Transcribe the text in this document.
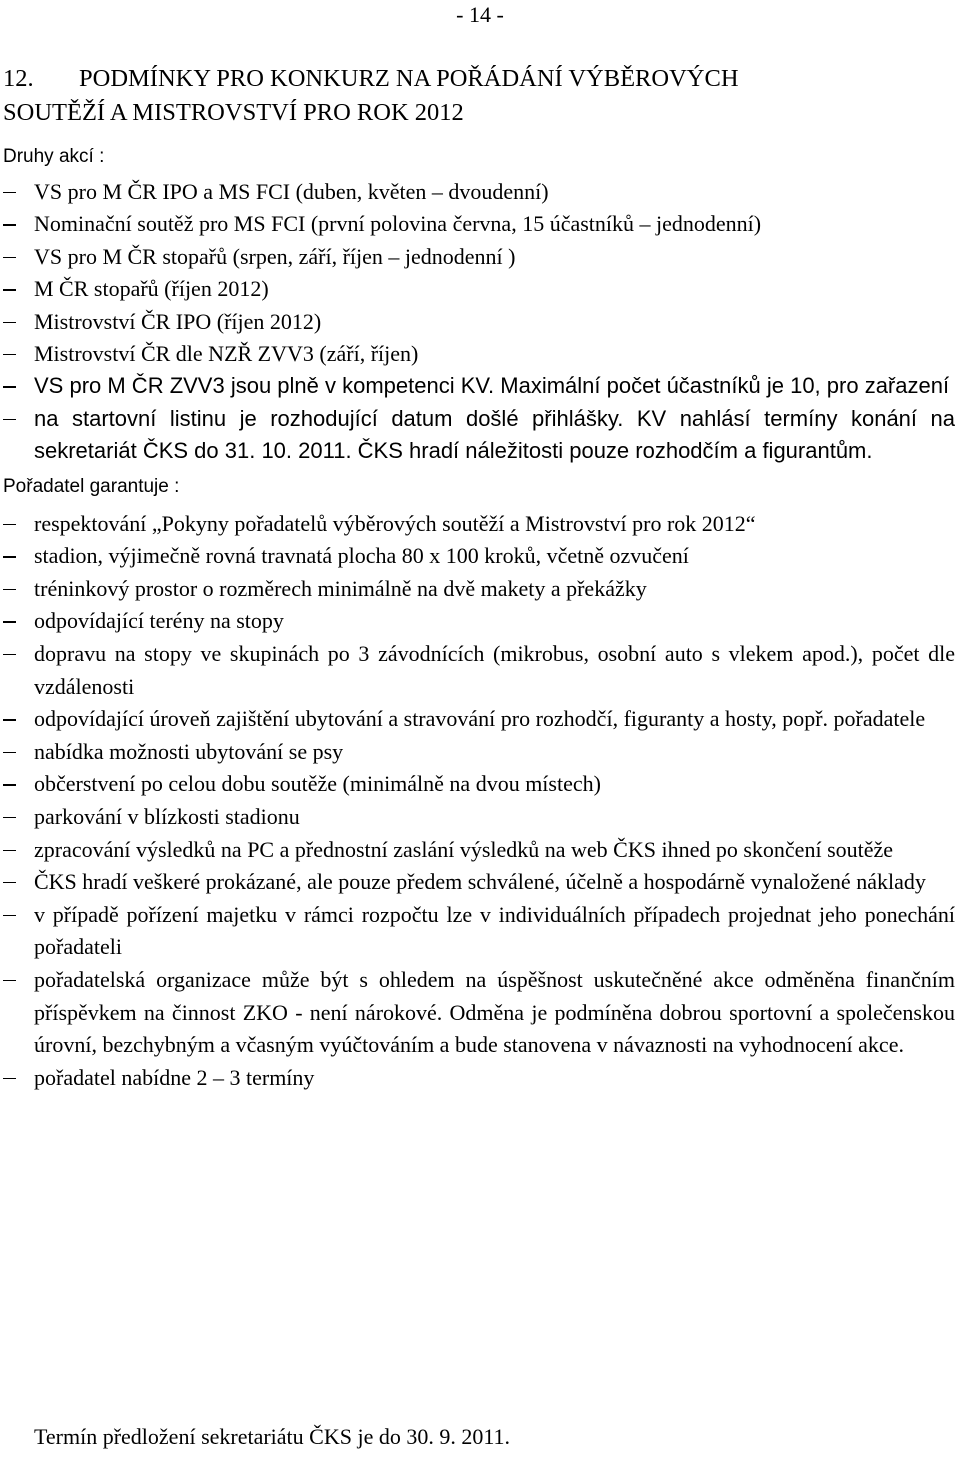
- 14 -
12. PODMÍNKY PRO KONKURZ NA POŘÁDÁNÍ VÝBĚROVÝCH
SOUTĚŽÍ A MISTROVSTVÍ PRO ROK 2012
Druhy akcí :
VS pro M ČR IPO a MS FCI (duben, květen – dvoudenní)
Nominační soutěž pro MS FCI (první polovina června, 15 účastníků – jednodenní)
VS pro M ČR stopařů (srpen, září, říjen – jednodenní )
M ČR stopařů (říjen 2012)
Mistrovství ČR IPO (říjen 2012)
Mistrovství ČR dle NZŘ ZVV3 (září, říjen)
VS pro M ČR ZVV3 jsou plně v kompetenci KV. Maximální počet účastníků je 10, pro zařazení
na startovní listinu je rozhodující datum došlé přihlášky. KV nahlásí termíny konání na sekretariát ČKS do 31. 10. 2011. ČKS hradí náležitosti pouze rozhodčím a figurantům.
Pořadatel garantuje :
respektování „Pokyny pořadatelů výběrových soutěží a Mistrovství pro rok 2012“
stadion, výjimečně rovná travnatá plocha 80 x 100 kroků, včetně ozvučení
tréninkový prostor o rozměrech minimálně na dvě makety a překážky
odpovídající terény na stopy
dopravu na stopy ve skupinách po 3 závodnících (mikrobus, osobní auto s vlekem apod.), počet dle vzdálenosti
odpovídající úroveň zajištění ubytování a stravování pro rozhodčí, figuranty a hosty, popř. pořadatele
nabídka možnosti ubytování se psy
občerstvení po celou dobu soutěže (minimálně na dvou místech)
parkování v blízkosti stadionu
zpracování výsledků na PC a přednostní zaslání výsledků na web ČKS ihned po skončení soutěže
ČKS hradí veškeré prokázané, ale pouze předem schválené, účelně a hospodárně vynaložené náklady
v případě pořízení majetku v rámci rozpočtu lze v individuálních případech projednat jeho ponechání pořadateli
pořadatelská organizace může být s ohledem na úspěšnost uskutečněné akce odměněna finančním příspěvkem na činnost ZKO - není nárokové. Odměna je podmíněna dobrou sportovní a společenskou úrovní, bezchybným a včasným vyúčtováním a bude stanovena v návaznosti na vyhodnocení akce.
pořadatel nabídne 2 – 3 termíny
Termín předložení sekretariátu ČKS je do 30. 9. 2011.
